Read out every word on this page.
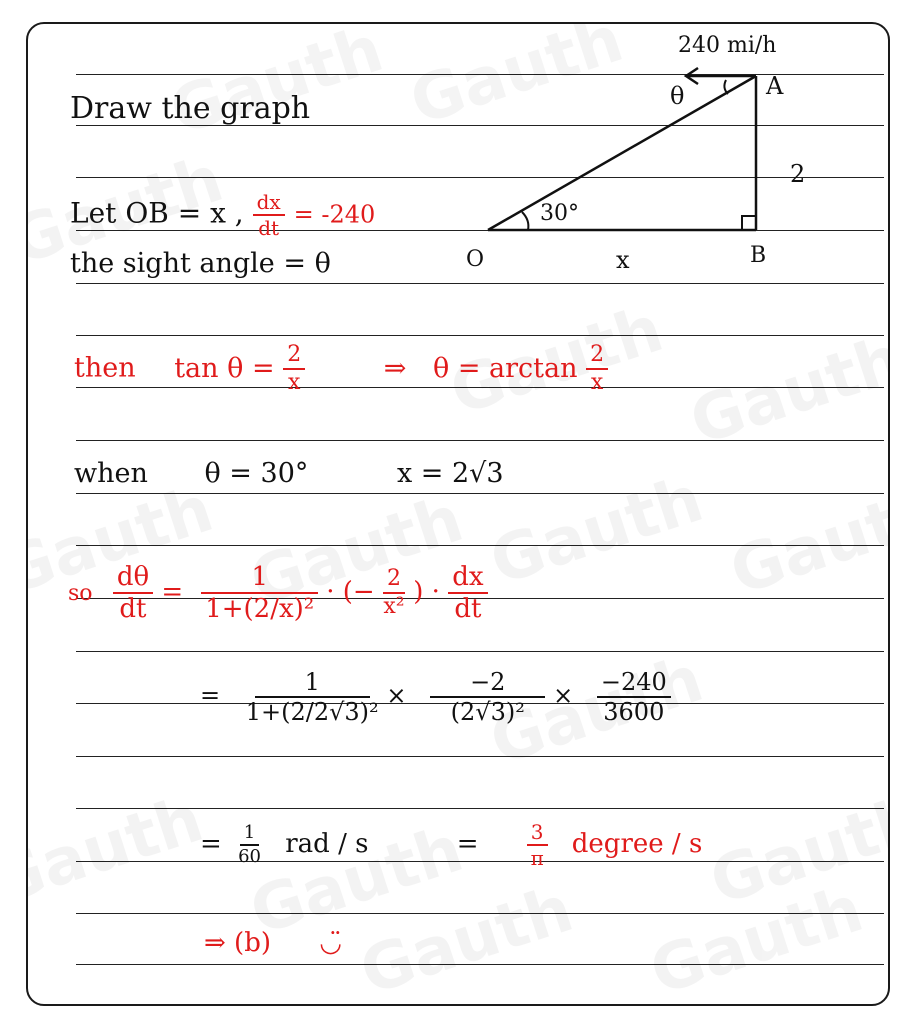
240 mi/h
θ	A
B
O
2
30°
x
Draw the graph
Let OB = x , $\frac{dx}{dt} = -240$
the sight angle = θ
then $\tan \theta = \frac{2}{x}$	⇒ $\theta = \arctan \frac{2}{x}$
when θ = 30°	x = 2√3
so $\frac{d\theta}{dt} = \frac{1}{\text{1+(2/x)²}}$ · (− $\frac{2}{\text{x²}}$ ) · $\frac{dx}{dt}$
= $\frac{1}{\text{1+(2/2√3)²}} \times \frac{-2}{\text{(2√3)²}} \times \frac{-240}{3600}$
= $\frac{1}{60}$ rad / s	= $\frac{3}{\pi}$ degree / s
⇒ (b) ◡̈
